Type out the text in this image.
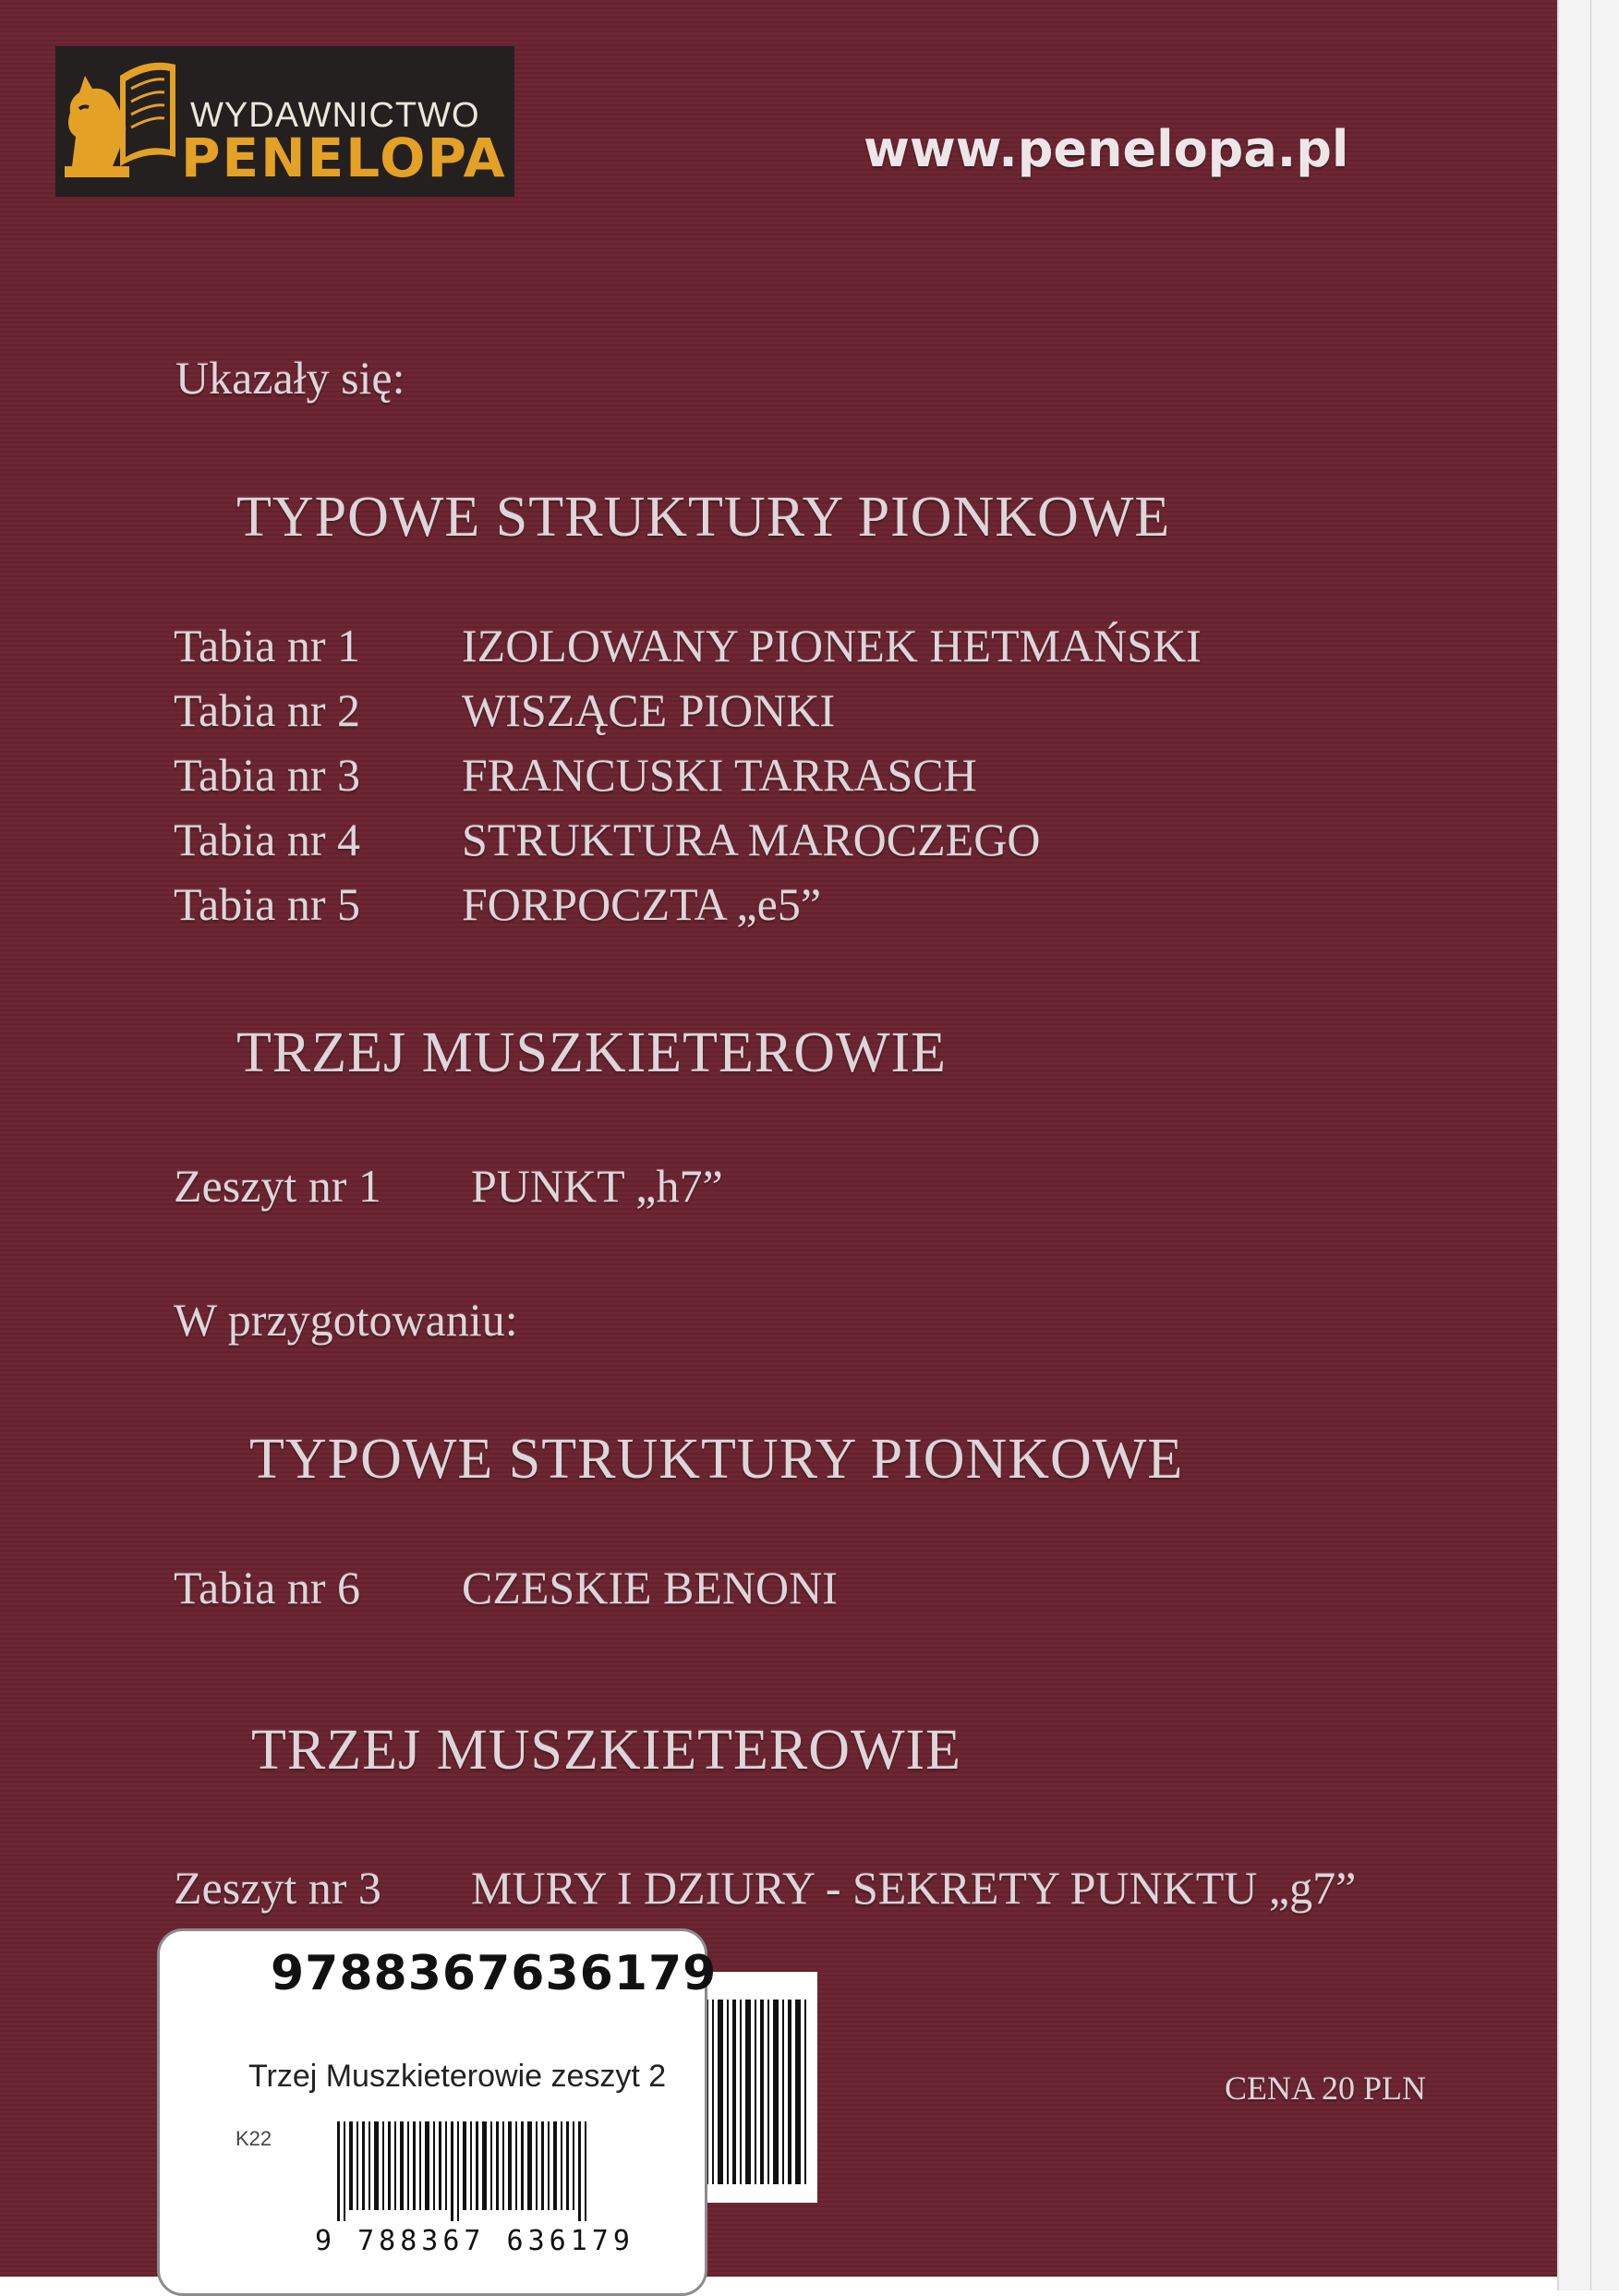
WYDAWNICTWO
PENELOPA	www.penelopa.pl
Ukazały się:
TYPOWE STRUKTURY PIONKOWE
Tabia nr 1 IZOLOWANY PIONEK HETMAŃSKI
Tabia nr 2 WISZĄCE PIONKI
Tabia nr 3 FRANCUSKI TARRASCH
Tabia nr 4 STRUKTURA MAROCZEGO
Tabia nr 5 FORPOCZTA „e5”
TRZEJ MUSZKIETEROWIE
Zeszyt nr 1 PUNKT „h7”
W przygotowaniu:
TYPOWE STRUKTURY PIONKOWE
Tabia nr 6 CZESKIE BENONI
TRZEJ MUSZKIETEROWIE
Zeszyt nr 3 MURY I DZIURY - SEKRETY PUNKTU „g7”
CENA 20 PLN
9788367636179
Trzej Muszkieterowie zeszyt 2
K22
9 788367 636179
